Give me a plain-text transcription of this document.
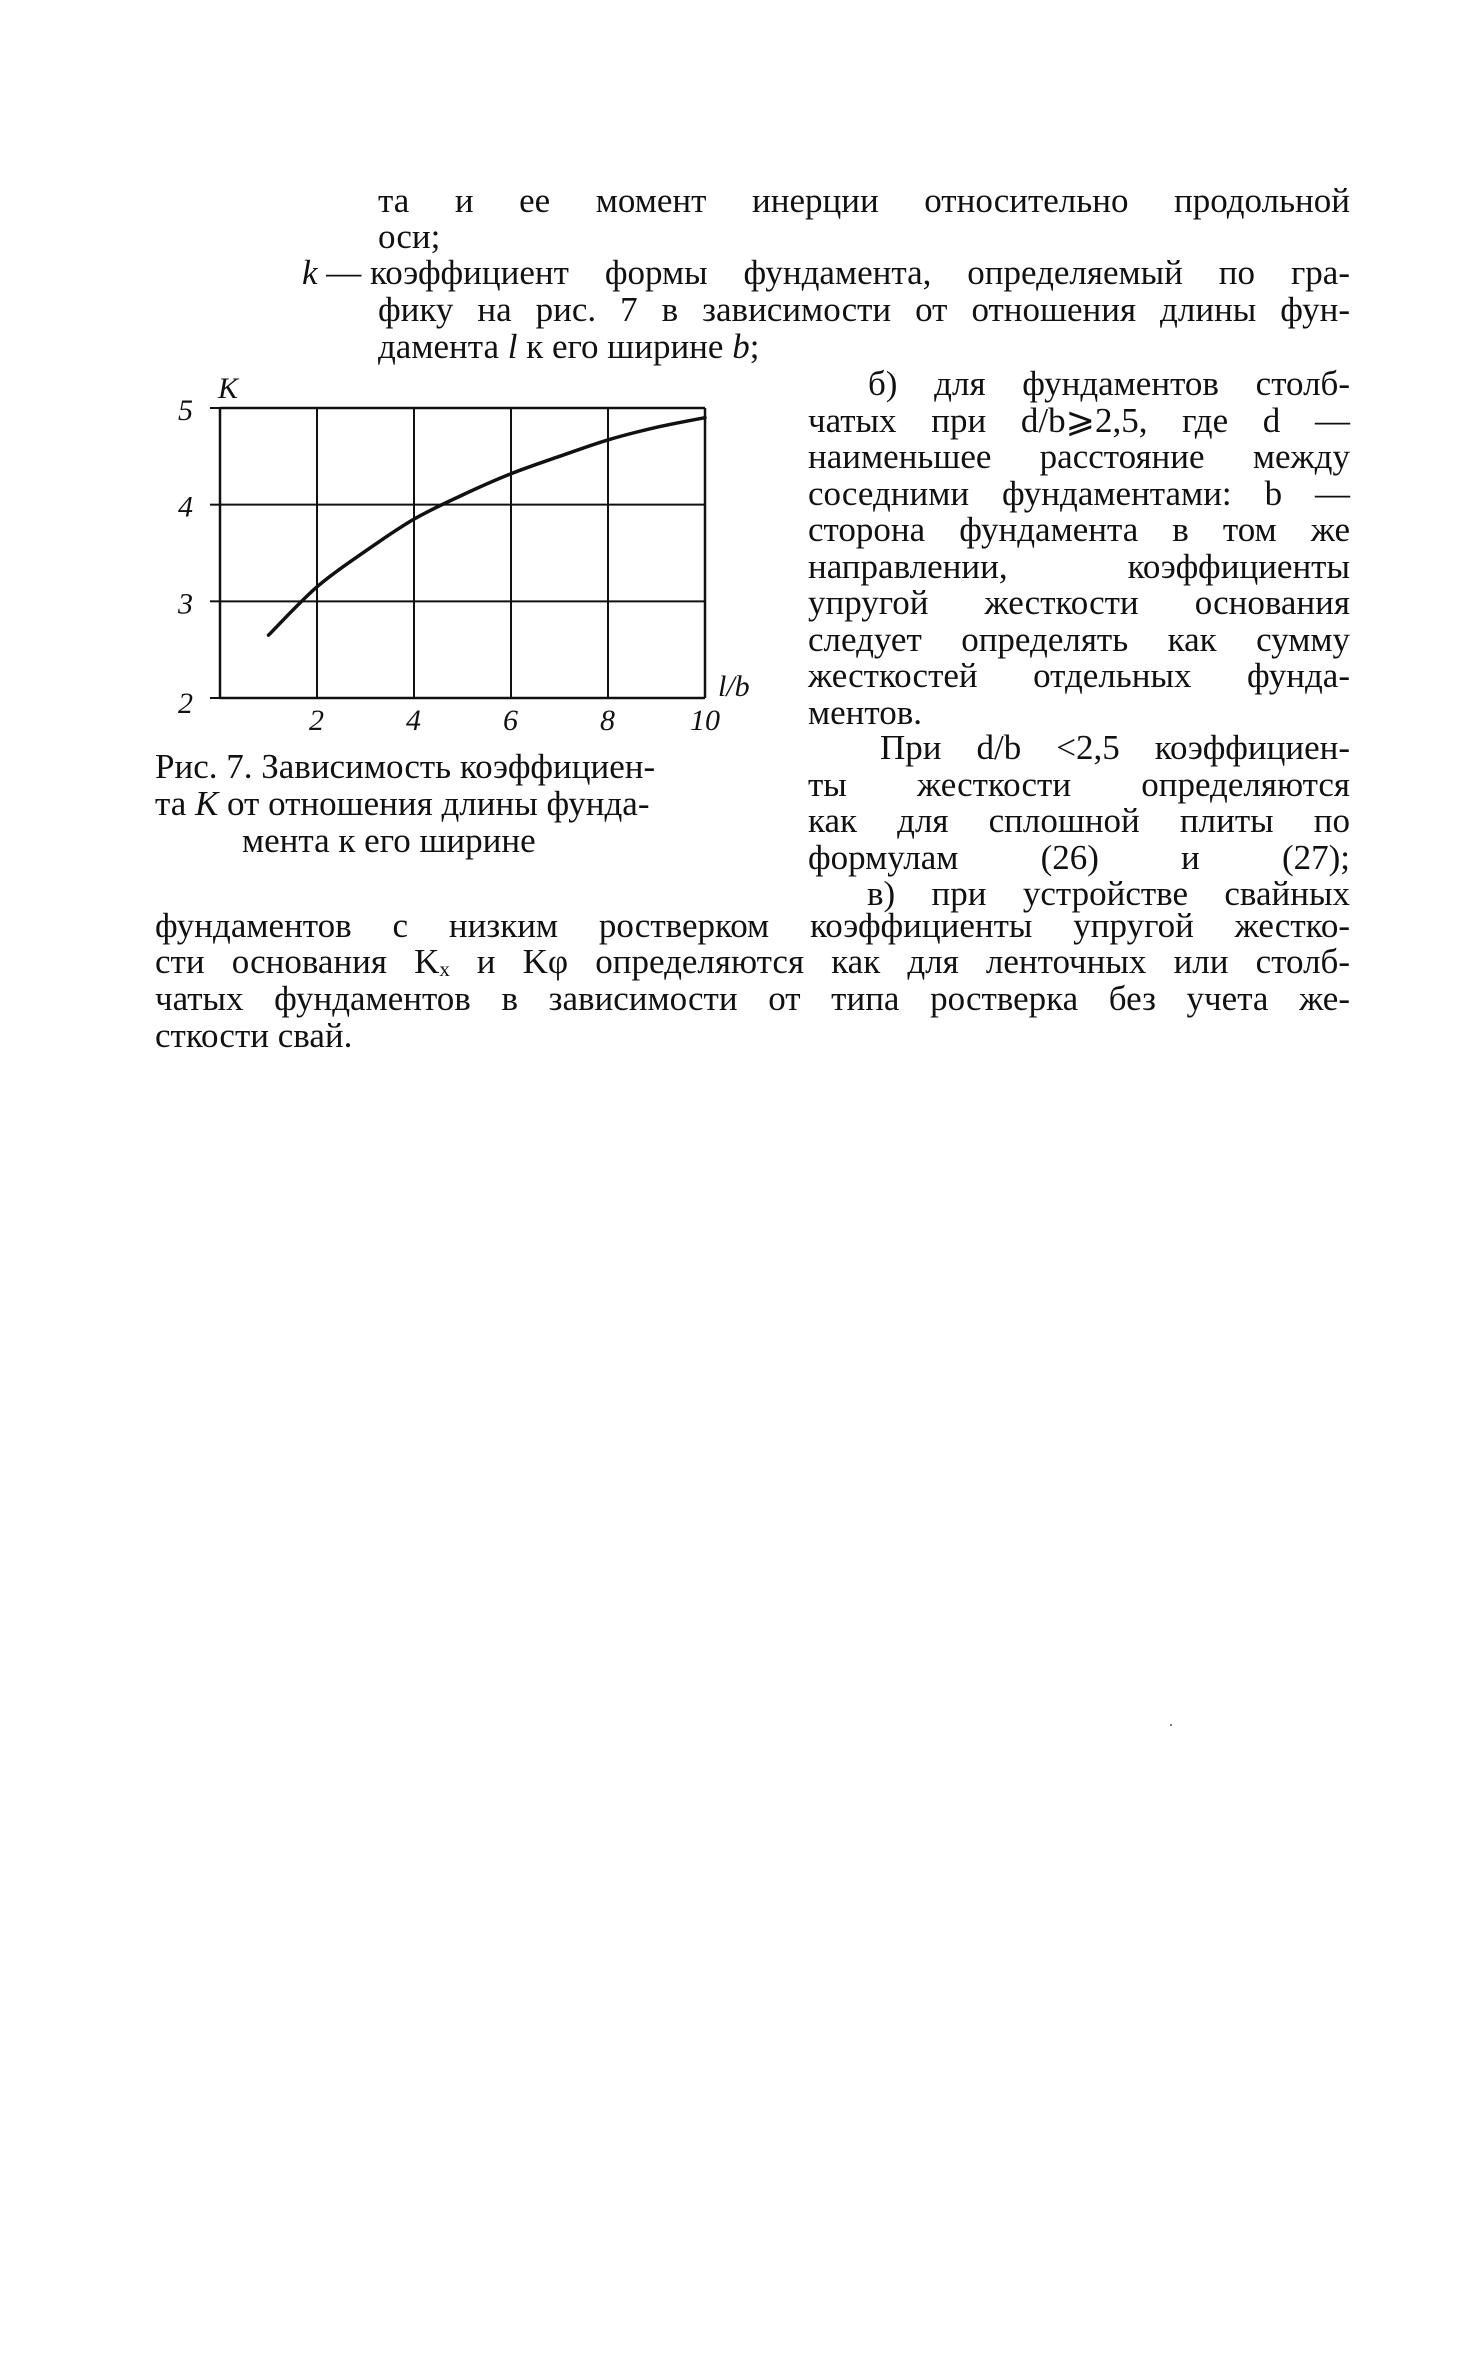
та и ее момент инерции относительно продольной
оси;
k — коэффициент формы фундамента, определяемый по гра-
фику на рис. 7 в зависимости от отношения длины фун-
дамента l к его ширине b;
2
3
4
5
2	4	6	8	10
K
l/b
б) для фундаментов столб-
чатых при d/b⩾2,5, где d —
наименьшее расстояние между
соседними фундаментами: b —
сторона фундамента в том же
направлении, коэффициенты
упругой жесткости основания
следует определять как сумму
жесткостей отдельных фунда-
ментов.
При d/b <2,5 коэффициен-
ты жесткости определяются
как для сплошной плиты по
формулам (26) и (27);
в) при устройстве свайных
Рис. 7. Зависимость коэффициен-
та К от отношения длины фунда-
мента к его ширине
фундаментов с низким ростверком коэффициенты упругой жестко-
сти основания Kₓ и Kφ определяются как для ленточных или столб-
чатых фундаментов в зависимости от типа ростверка без учета же-
сткости свай.
